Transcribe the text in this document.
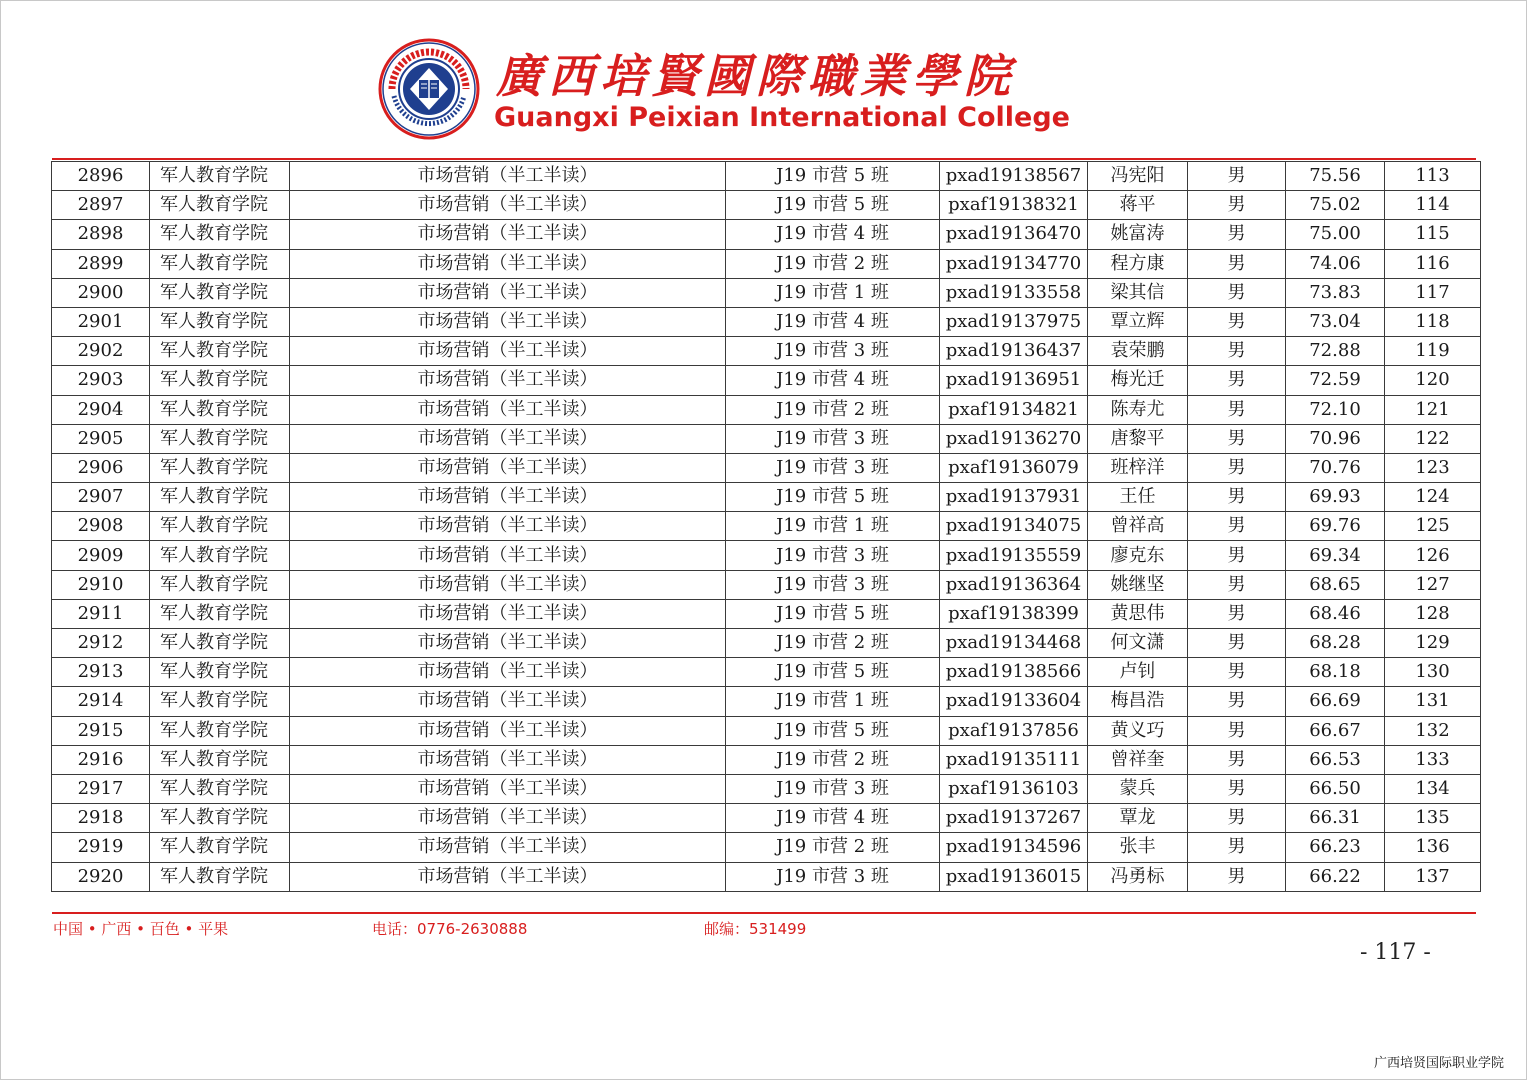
廣西培賢國際職業學院
Guangxi Peixian International College
2896	军人教育学院	市场营销（半工半读）	J19 市营 5 班	pxad19138567	冯宪阳	男	75.56	113
2897	军人教育学院	市场营销（半工半读）	J19 市营 5 班	pxaf19138321	蒋平	男	75.02	114
2898	军人教育学院	市场营销（半工半读）	J19 市营 4 班	pxad19136470	姚富涛	男	75.00	115
2899	军人教育学院	市场营销（半工半读）	J19 市营 2 班	pxad19134770	程方康	男	74.06	116
2900	军人教育学院	市场营销（半工半读）	J19 市营 1 班	pxad19133558	梁其信	男	73.83	117
2901	军人教育学院	市场营销（半工半读）	J19 市营 4 班	pxad19137975	覃立辉	男	73.04	118
2902	军人教育学院	市场营销（半工半读）	J19 市营 3 班	pxad19136437	袁荣鹏	男	72.88	119
2903	军人教育学院	市场营销（半工半读）	J19 市营 4 班	pxad19136951	梅光迁	男	72.59	120
2904	军人教育学院	市场营销（半工半读）	J19 市营 2 班	pxaf19134821	陈寿尤	男	72.10	121
2905	军人教育学院	市场营销（半工半读）	J19 市营 3 班	pxad19136270	唐黎平	男	70.96	122
2906	军人教育学院	市场营销（半工半读）	J19 市营 3 班	pxaf19136079	班梓洋	男	70.76	123
2907	军人教育学院	市场营销（半工半读）	J19 市营 5 班	pxad19137931	王任	男	69.93	124
2908	军人教育学院	市场营销（半工半读）	J19 市营 1 班	pxad19134075	曾祥高	男	69.76	125
2909	军人教育学院	市场营销（半工半读）	J19 市营 3 班	pxad19135559	廖克东	男	69.34	126
2910	军人教育学院	市场营销（半工半读）	J19 市营 3 班	pxad19136364	姚继坚	男	68.65	127
2911	军人教育学院	市场营销（半工半读）	J19 市营 5 班	pxaf19138399	黄思伟	男	68.46	128
2912	军人教育学院	市场营销（半工半读）	J19 市营 2 班	pxad19134468	何文潇	男	68.28	129
2913	军人教育学院	市场营销（半工半读）	J19 市营 5 班	pxad19138566	卢钊	男	68.18	130
2914	军人教育学院	市场营销（半工半读）	J19 市营 1 班	pxad19133604	梅昌浩	男	66.69	131
2915	军人教育学院	市场营销（半工半读）	J19 市营 5 班	pxaf19137856	黄义巧	男	66.67	132
2916	军人教育学院	市场营销（半工半读）	J19 市营 2 班	pxad19135111	曾祥奎	男	66.53	133
2917	军人教育学院	市场营销（半工半读）	J19 市营 3 班	pxaf19136103	蒙兵	男	66.50	134
2918	军人教育学院	市场营销（半工半读）	J19 市营 4 班	pxad19137267	覃龙	男	66.31	135
2919	军人教育学院	市场营销（半工半读）	J19 市营 2 班	pxad19134596	张丰	男	66.23	136
2920	军人教育学院	市场营销（半工半读）	J19 市营 3 班	pxad19136015	冯勇标	男	66.22	137
中国 • 广西 • 百色 • 平果	电话：0776-2630888	邮编：531499
- 117 -
广西培贤国际职业学院
